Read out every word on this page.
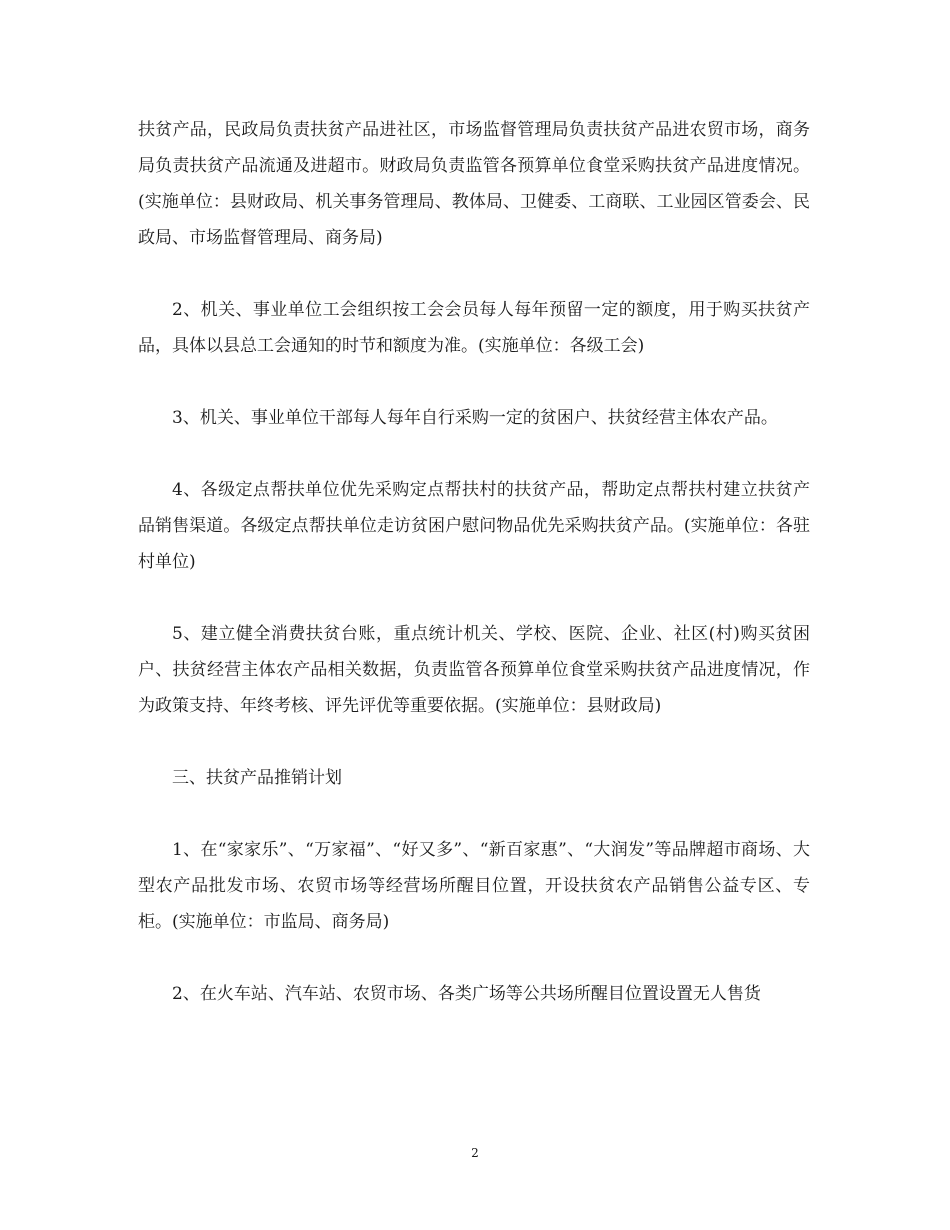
扶贫产品，民政局负责扶贫产品进社区，市场监督管理局负责扶贫产品进农贸市场，商务局负责扶贫产品流通及进超市。财政局负责监管各预算单位食堂采购扶贫产品进度情况。(实施单位：县财政局、机关事务管理局、教体局、卫健委、工商联、工业园区管委会、民政局、市场监督管理局、商务局)

2、机关、事业单位工会组织按工会会员每人每年预留一定的额度，用于购买扶贫产品，具体以县总工会通知的时节和额度为准。(实施单位：各级工会)

3、机关、事业单位干部每人每年自行采购一定的贫困户、扶贫经营主体农产品。

4、各级定点帮扶单位优先采购定点帮扶村的扶贫产品，帮助定点帮扶村建立扶贫产品销售渠道。各级定点帮扶单位走访贫困户慰问物品优先采购扶贫产品。(实施单位：各驻村单位)

5、建立健全消费扶贫台账，重点统计机关、学校、医院、企业、社区(村)购买贫困户、扶贫经营主体农产品相关数据，负责监管各预算单位食堂采购扶贫产品进度情况，作为政策支持、年终考核、评先评优等重要依据。(实施单位：县财政局)

三、扶贫产品推销计划

1、在“家家乐”、“万家福”、“好又多”、“新百家惠”、“大润发”等品牌超市商场、大型农产品批发市场、农贸市场等经营场所醒目位置，开设扶贫农产品销售公益专区、专柜。(实施单位：市监局、商务局)

2、在火车站、汽车站、农贸市场、各类广场等公共场所醒目位置设置无人售货

2
